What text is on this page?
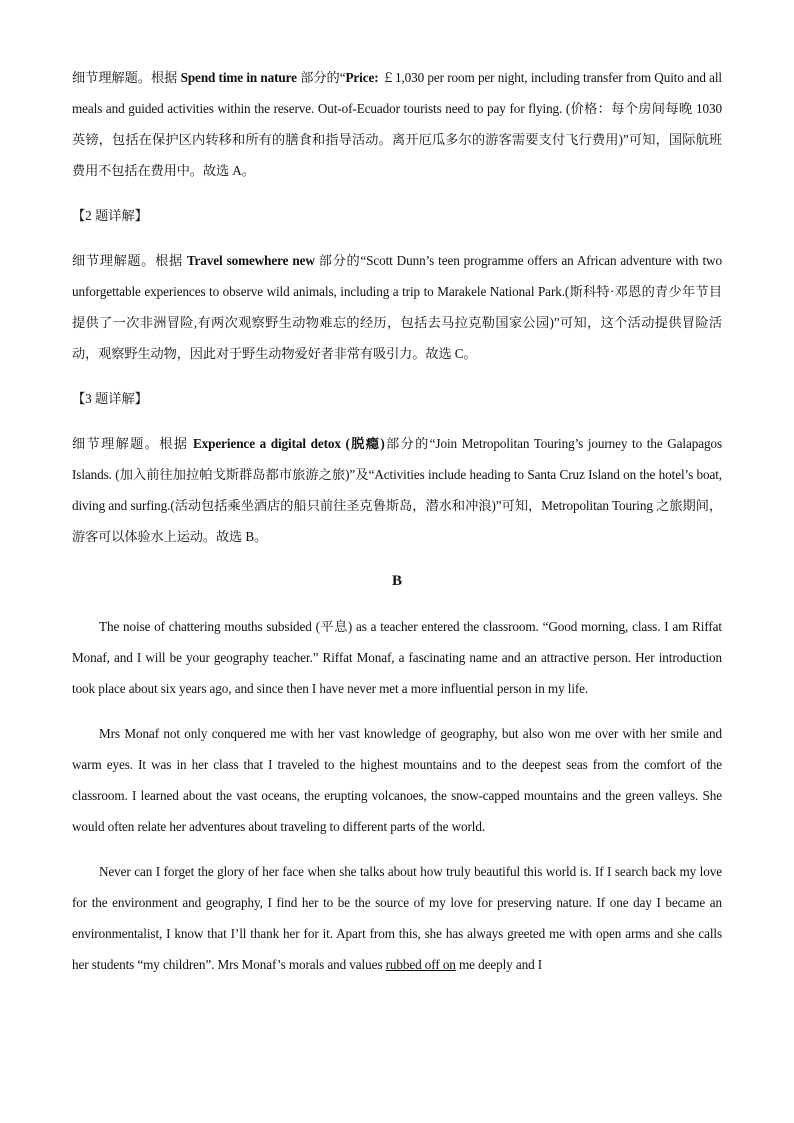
细节理解题。根据 Spend time in nature 部分的“Price: ￡1,030 per room per night, including transfer from Quito and all meals and guided activities within the reserve. Out-of-Ecuador tourists need to pay for flying. (价格：每个房间每晚 1030 英镑，包括在保护区内转移和所有的膳食和指导活动。离开厄瓜多尔的游客需要支付飞行费用)”可知，国际航班费用不包括在费用中。故选 A。

【2 题详解】

细节理解题。根据 Travel somewhere new 部分的“Scott Dunn’s teen programme offers an African adventure with two unforgettable experiences to observe wild animals, including a trip to Marakele National Park.(斯科特·邓恩的青少年节目提供了一次非洲冒险,有两次观察野生动物难忘的经历，包括去马拉克勒国家公园)”可知，这个活动提供冒险活动，观察野生动物，因此对于野生动物爱好者非常有吸引力。故选 C。

【3 题详解】

细节理解题。根据 Experience a digital detox (脱瘾)部分的“Join Metropolitan Touring’s journey to the Galapagos Islands. (加入前往加拉帕戈斯群岛都市旅游之旅)”及“Activities include heading to Santa Cruz Island on the hotel’s boat, diving and surfing.(活动包括乘坐酒店的船只前往圣克鲁斯岛，潜水和冲浪)”可知，Metropolitan Touring 之旅期间，游客可以体验水上运动。故选 B。

B

The noise of chattering mouths subsided (平息) as a teacher entered the classroom. “Good morning, class. I am Riffat Monaf, and I will be your geography teacher.” Riffat Monaf, a fascinating name and an attractive person. Her introduction took place about six years ago, and since then I have never met a more influential person in my life.

Mrs Monaf not only conquered me with her vast knowledge of geography, but also won me over with her smile and warm eyes. It was in her class that I traveled to the highest mountains and to the deepest seas from the comfort of the classroom. I learned about the vast oceans, the erupting volcanoes, the snow-capped mountains and the green valleys. She would often relate her adventures about traveling to different parts of the world.

Never can I forget the glory of her face when she talks about how truly beautiful this world is. If I search back my love for the environment and geography, I find her to be the source of my love for preserving nature. If one day I became an environmentalist, I know that I’ll thank her for it. Apart from this, she has always greeted me with open arms and she calls her students “my children”. Mrs Monaf’s morals and values rubbed off on me deeply and I
